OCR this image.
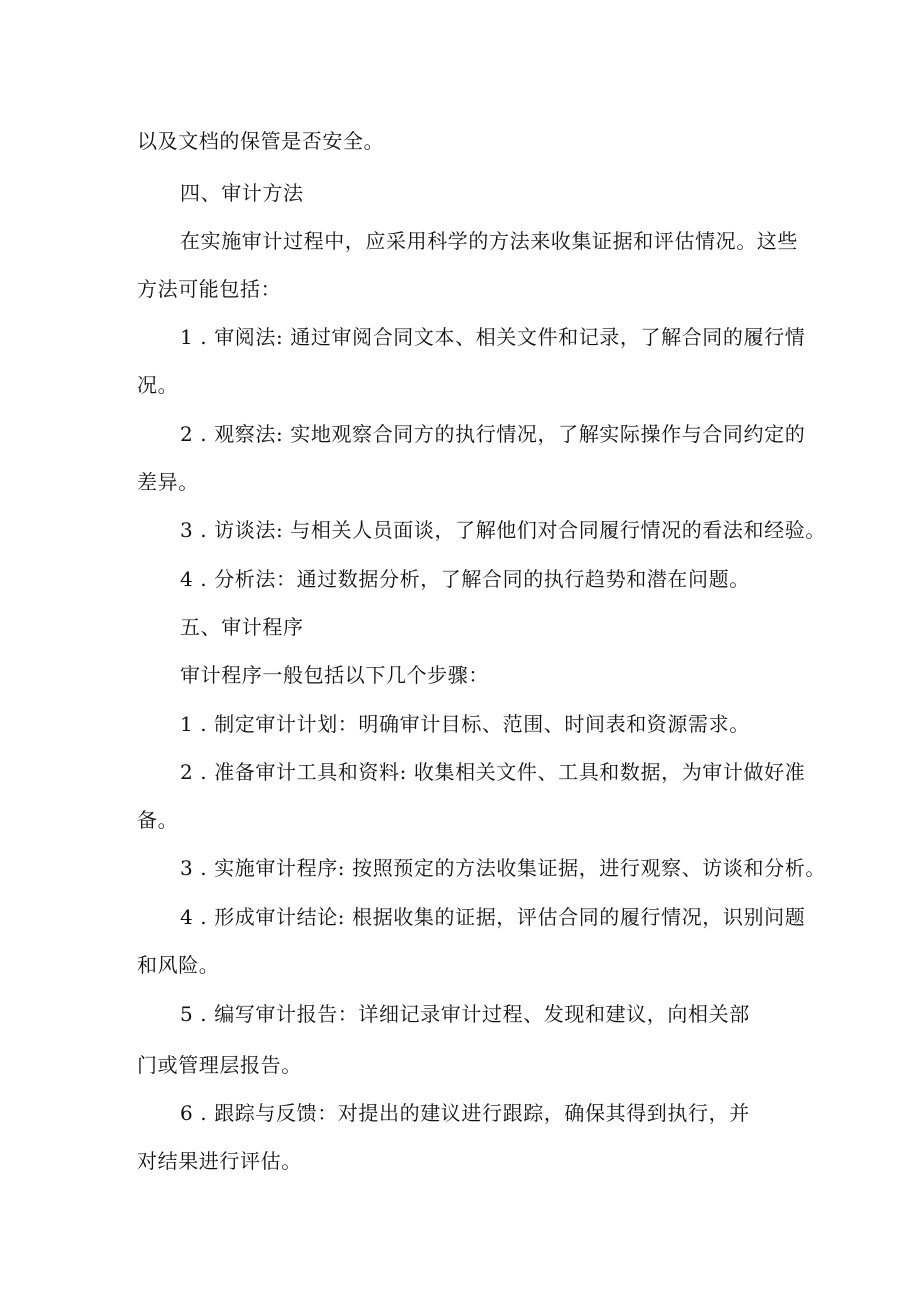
以及文档的保管是否安全。
四、审计方法
在实施审计过程中，应采用科学的方法来收集证据和评估情况。这些
方法可能包括：
1 . 审阅法: 通过审阅合同文本、相关文件和记录，了解合同的履行情
况。
2 . 观察法: 实地观察合同方的执行情况，了解实际操作与合同约定的
差异。
3 . 访谈法: 与相关人员面谈，了解他们对合同履行情况的看法和经验。
4 . 分析法：通过数据分析，了解合同的执行趋势和潜在问题。
五、审计程序
审计程序一般包括以下几个步骤：
1 . 制定审计计划：明确审计目标、范围、时间表和资源需求。
2 . 准备审计工具和资料: 收集相关文件、工具和数据，为审计做好准
备。
3 . 实施审计程序: 按照预定的方法收集证据，进行观察、访谈和分析。
4 . 形成审计结论: 根据收集的证据，评估合同的履行情况，识别问题
和风险。
5 . 编写审计报告：详细记录审计过程、发现和建议，向相关部
门或管理层报告。
6 . 跟踪与反馈：对提出的建议进行跟踪，确保其得到执行，并
对结果进行评估。
